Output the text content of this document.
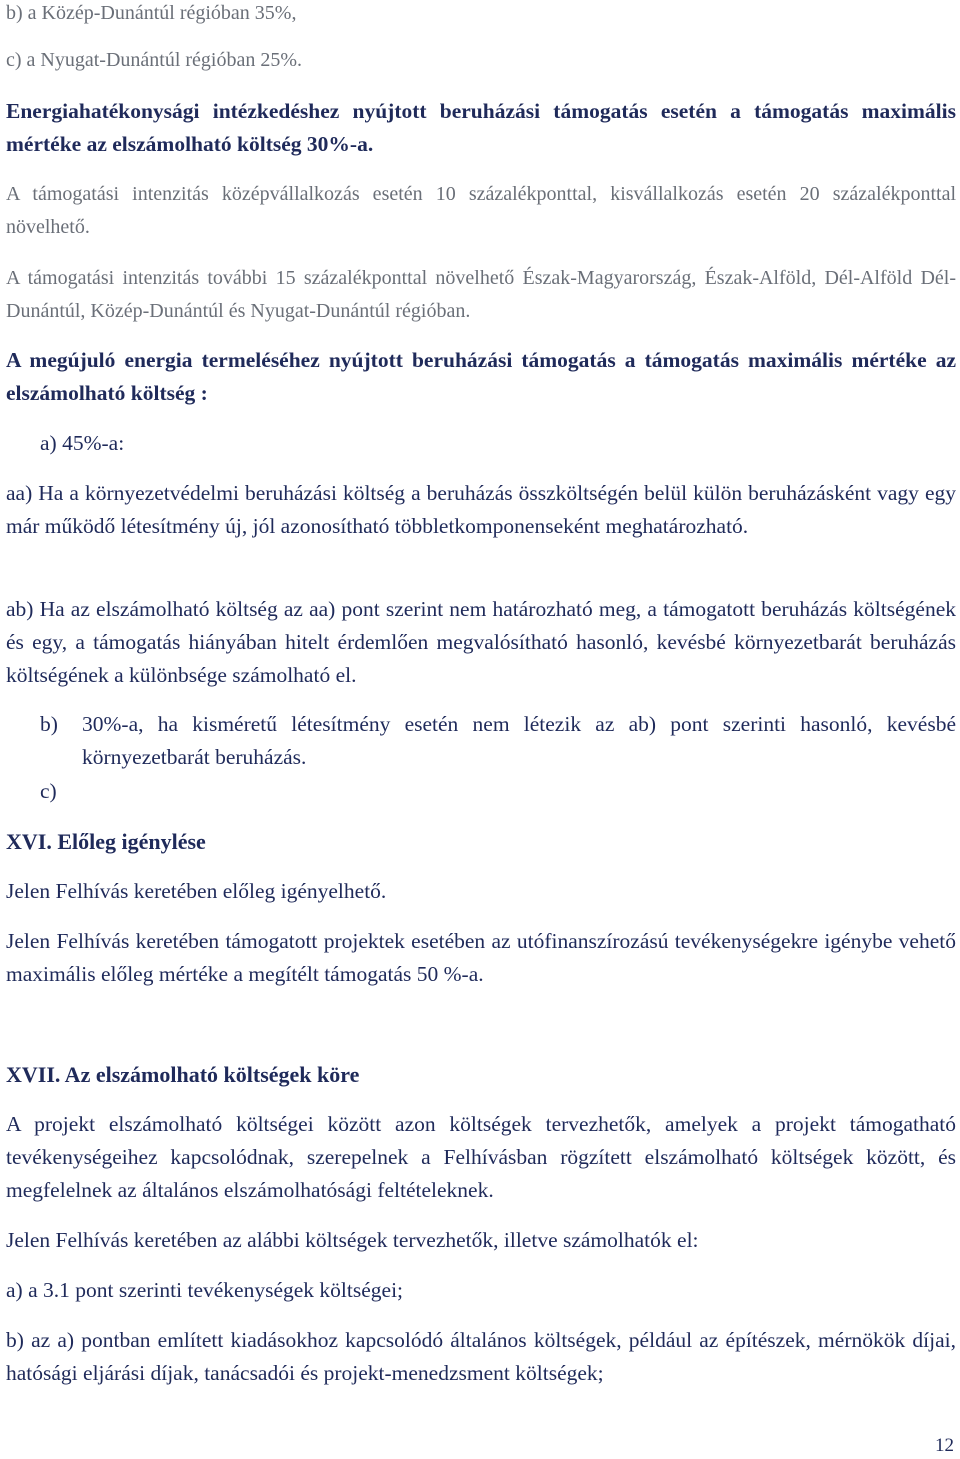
b) a Közép-Dunántúl régióban 35%,

c) a Nyugat-Dunántúl régióban 25%.

Energiahatékonysági intézkedéshez nyújtott beruházási támogatás esetén a támogatás maximális mértéke az elszámolható költség 30%-a.

A támogatási intenzitás középvállalkozás esetén 10 százalékponttal, kisvállalkozás esetén 20 százalékponttal növelhető.

A támogatási intenzitás további 15 százalékponttal növelhető Észak-Magyarország, Észak-Alföld, Dél-Alföld Dél-Dunántúl, Közép-Dunántúl és Nyugat-Dunántúl régióban.

A megújuló energia termeléséhez nyújtott beruházási támogatás a támogatás maximális mértéke az elszámolható költség :

a) 45%-a:

aa) Ha a környezetvédelmi beruházási költség a beruházás összköltségén belül külön beruházásként vagy egy már működő létesítmény új, jól azonosítható többletkomponenseként meghatározható.

ab) Ha az elszámolható költség az aa) pont szerint nem határozható meg, a támogatott beruházás költségének és egy, a támogatás hiányában hitelt érdemlően megvalósítható hasonló, kevésbé környezetbarát beruházás költségének a különbsége számolható el.

b) 30%-a, ha kisméretű létesítmény esetén nem létezik az ab) pont szerinti hasonló, kevésbé környezetbarát beruházás.

c)

XVI. Előleg igénylése

Jelen Felhívás keretében előleg igényelhető.

Jelen Felhívás keretében támogatott projektek esetében az utófinanszírozású tevékenységekre igénybe vehető maximális előleg mértéke a megítélt támogatás 50 %-a.

XVII. Az elszámolható költségek köre

A projekt elszámolható költségei között azon költségek tervezhetők, amelyek a projekt támogatható tevékenységeihez kapcsolódnak, szerepelnek a Felhívásban rögzített elszámolható költségek között, és megfelelnek az általános elszámolhatósági feltételeknek.

Jelen Felhívás keretében az alábbi költségek tervezhetők, illetve számolhatók el:

a) a 3.1 pont szerinti tevékenységek költségei;

b) az a) pontban említett kiadásokhoz kapcsolódó általános költségek, például az építészek, mérnökök díjai, hatósági eljárási díjak, tanácsadói és projekt-menedzsment költségek;

12
